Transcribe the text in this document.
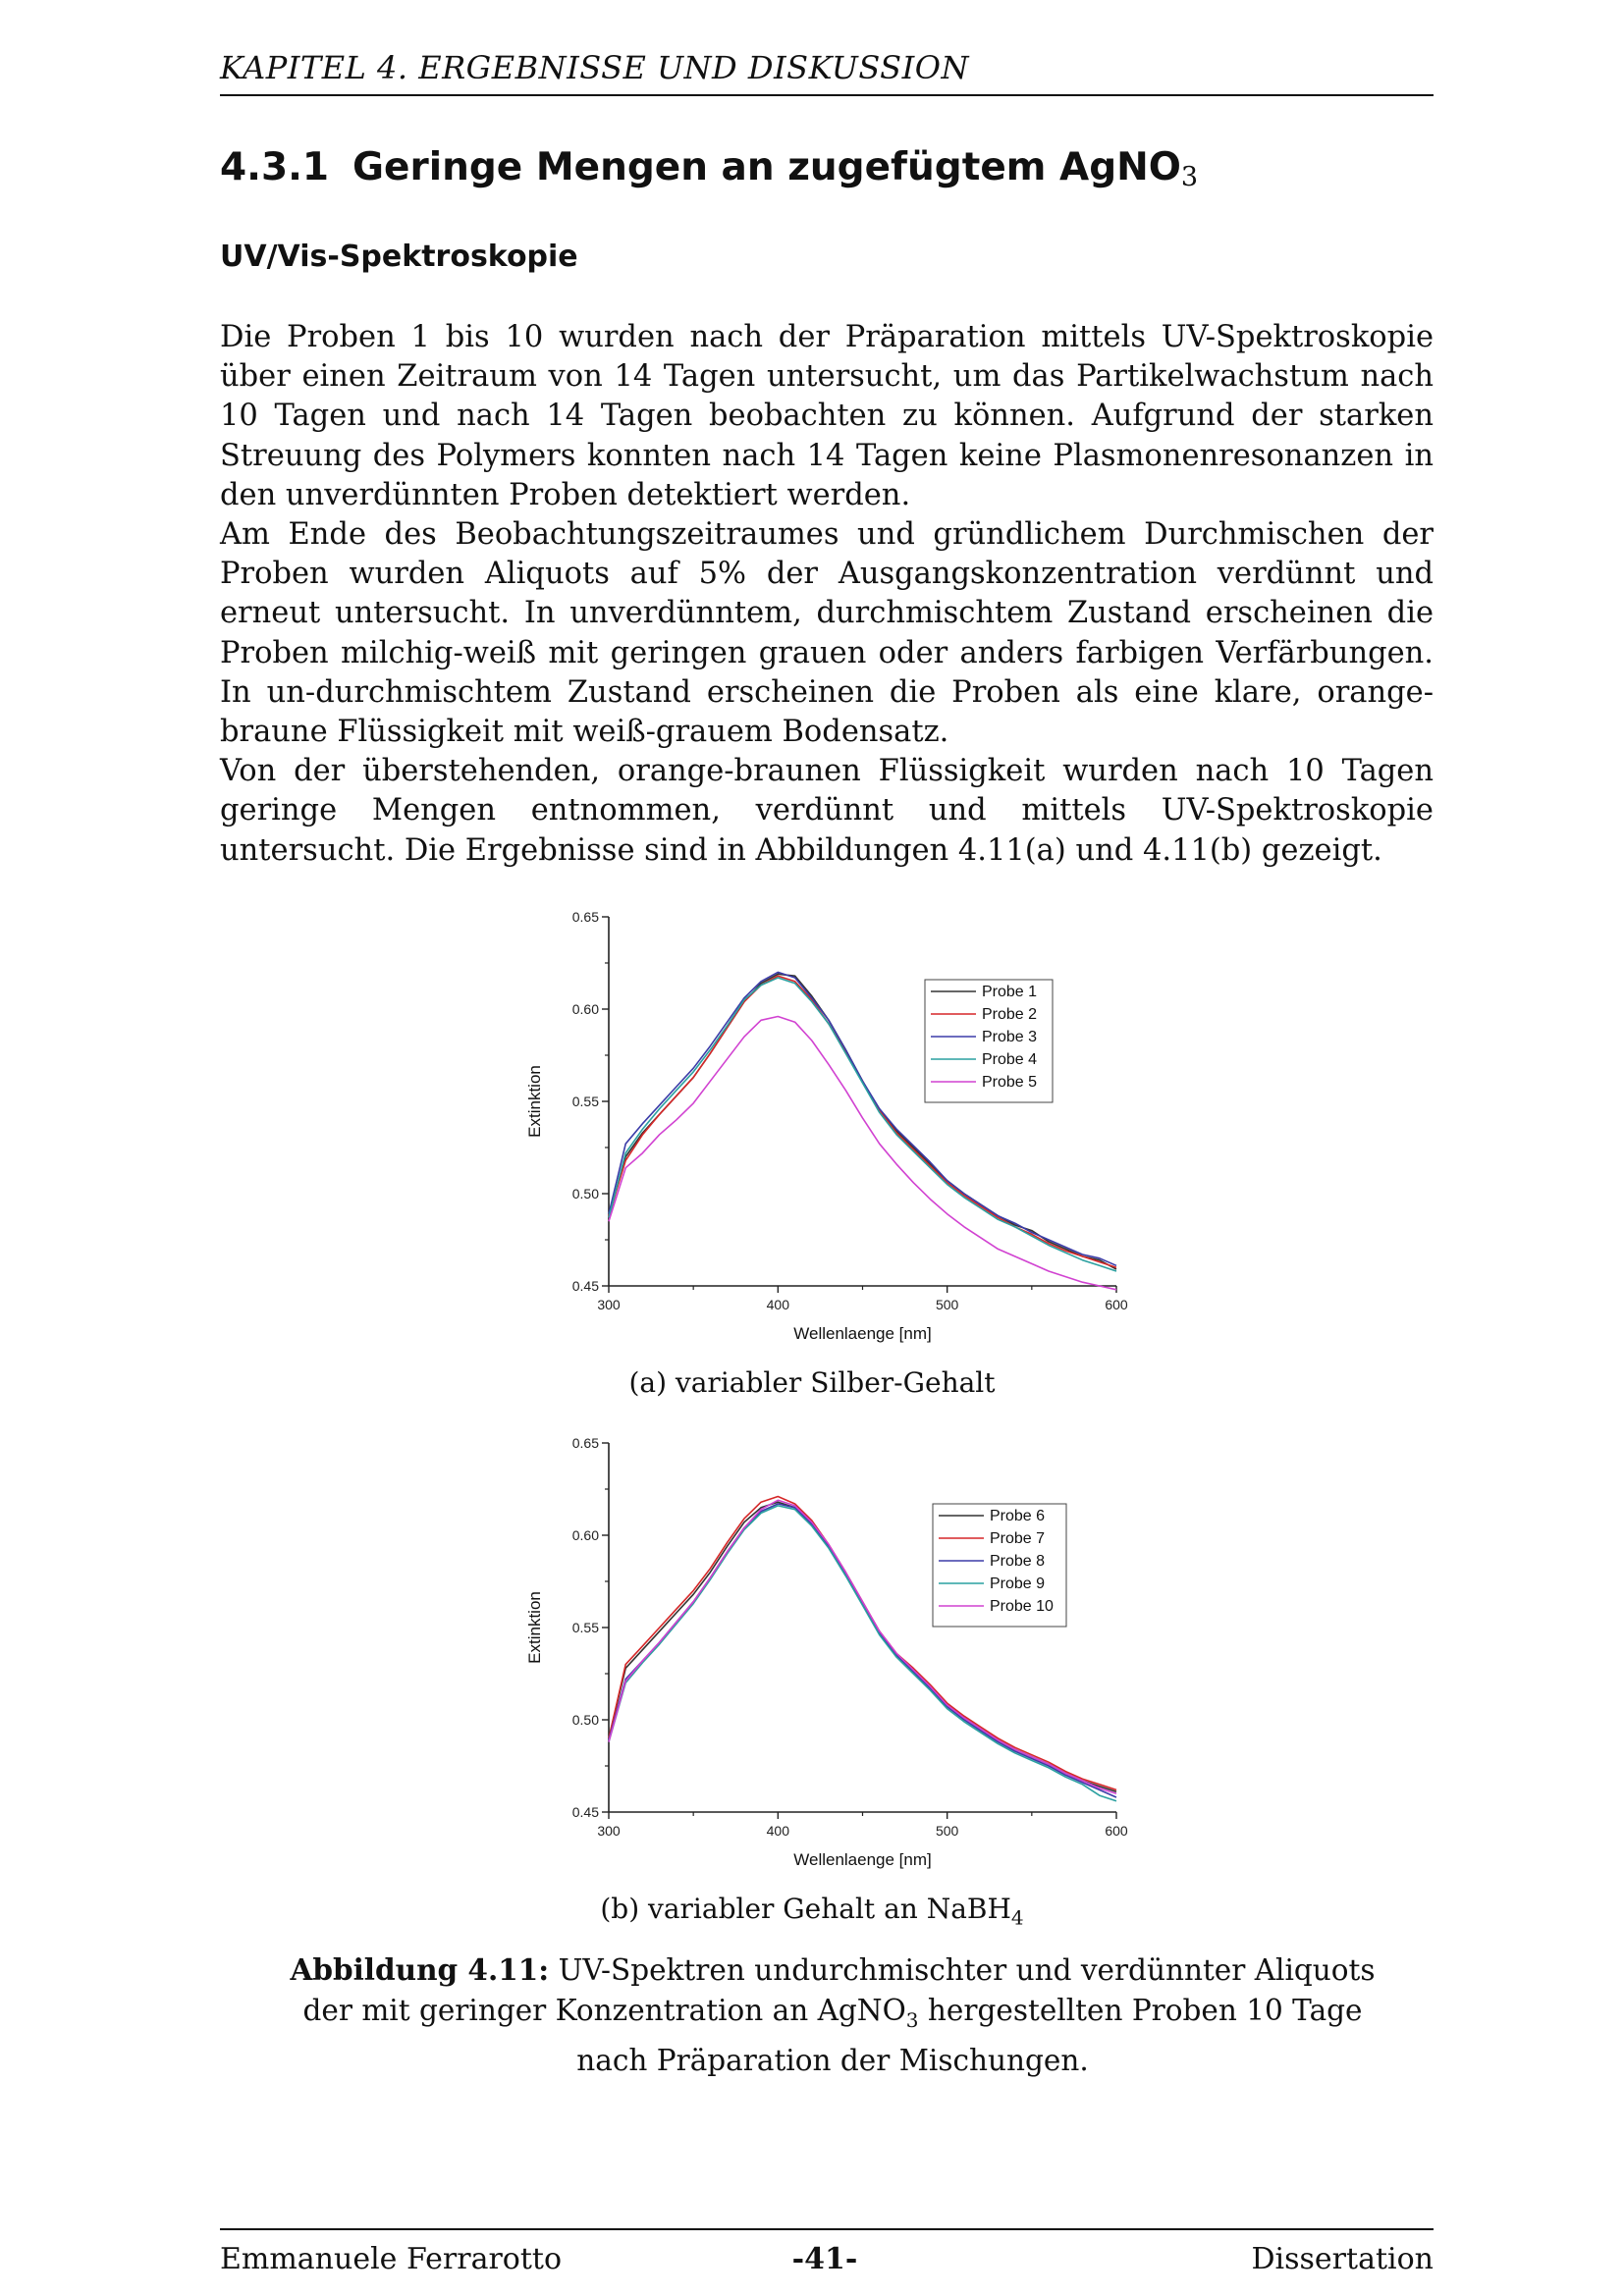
KAPITEL 4. ERGEBNISSE UND DISKUSSION
4.3.1 Geringe Mengen an zugefügtem AgNO$_3$
UV/Vis-Spektroskopie

Die Proben 1 bis 10 wurden nach der Präparation mittels UV-Spektroskopie über einen Zeitraum von 14 Tagen untersucht, um das Partikelwachstum nach 10 Tagen und nach 14 Tagen beobachten zu können. Aufgrund der starken Streuung des Polymers konnten nach 14 Tagen keine Plasmonenresonanzen in den unverdünnten Proben detektiert werden.

Am Ende des Beobachtungszeitraumes und gründlichem Durchmischen der Proben wurden Aliquots auf 5% der Ausgangskonzentration verdünnt und erneut untersucht. In unverdünntem, durchmischtem Zustand erscheinen die Proben milchig-weiß mit geringen grauen oder anders farbigen Verfärbungen. In un-durchmischtem Zustand erscheinen die Proben als eine klare, orange-braune Flüssigkeit mit weiß-grauem Bodensatz.

Von der überstehenden, orange-braunen Flüssigkeit wurden nach 10 Tagen geringe Mengen entnommen, verdünnt und mittels UV-Spektroskopie untersucht. Die Ergebnisse sind in Abbildungen 4.11(a) und 4.11(b) gezeigt.

0.45
0.50
0.55
0.60
0.65
300	400	500	600
Wellenlaenge [nm]
Extinktion
Probe 1
Probe 2
Probe 3
Probe 4
Probe 5
(a) variabler Silber-Gehalt
0.45
0.50
0.55
0.60
0.65
300	400	500	600
Wellenlaenge [nm]
Extinktion
Probe 6
Probe 7
Probe 8
Probe 9
Probe 10
(b) variabler Gehalt an NaBH$_4$
Abbildung 4.11: UV-Spektren undurchmischter und verdünnter Aliquots der mit geringer Konzentration an AgNO$_3$ hergestellten Proben 10 Tage nach Präparation der Mischungen.
Emmanuele Ferrarotto	-41-	Dissertation
